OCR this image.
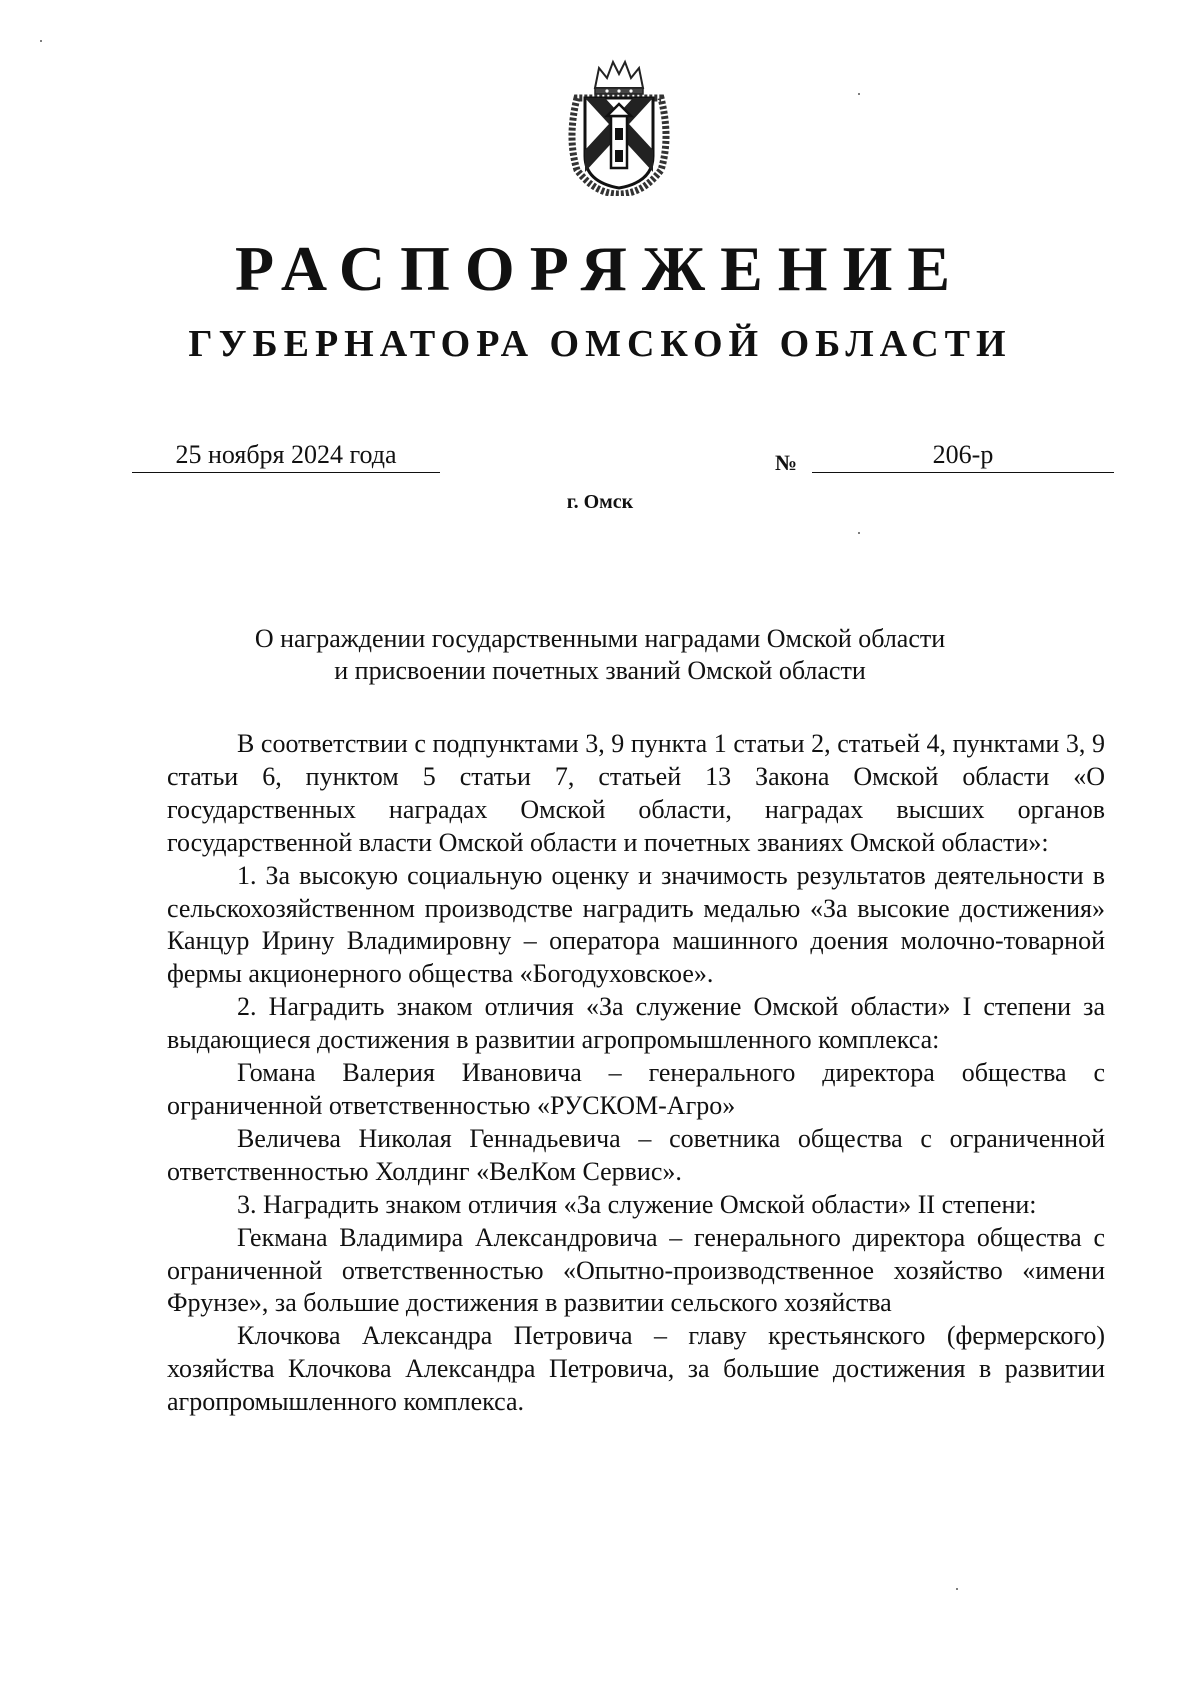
РАСПОРЯЖЕНИЕ
ГУБЕРНАТОРА ОМСКОЙ ОБЛАСТИ
25 ноября 2024 года	№	206-р
г. Омск
О награждении государственными наградами Омской области
и присвоении почетных званий Омской области

В соответствии с подпунктами 3, 9 пункта 1 статьи 2, статьей 4, пунктами 3, 9 статьи 6, пунктом 5 статьи 7, статьей 13 Закона Омской области «О государственных наградах Омской области, наградах высших органов государственной власти Омской области и почетных званиях Омской области»:

1. За высокую социальную оценку и значимость результатов деятельности в сельскохозяйственном производстве наградить медалью «За высокие достижения» Канцур Ирину Владимировну – оператора машинного доения молочно-товарной фермы акционерного общества «Богодуховское».

2. Наградить знаком отличия «За служение Омской области» I степени за выдающиеся достижения в развитии агропромышленного комплекса:

Гомана Валерия Ивановича – генерального директора общества с ограниченной ответственностью «РУСКОМ-Агро»

Величева Николая Геннадьевича – советника общества с ограниченной ответственностью Холдинг «ВелКом Сервис».

3. Наградить знаком отличия «За служение Омской области» II степени:

Гекмана Владимира Александровича – генерального директора общества с ограниченной ответственностью «Опытно-производственное хозяйство «имени Фрунзе», за большие достижения в развитии сельского хозяйства

Клочкова Александра Петровича – главу крестьянского (фермерского) хозяйства Клочкова Александра Петровича, за большие достижения в развитии агропромышленного комплекса.
